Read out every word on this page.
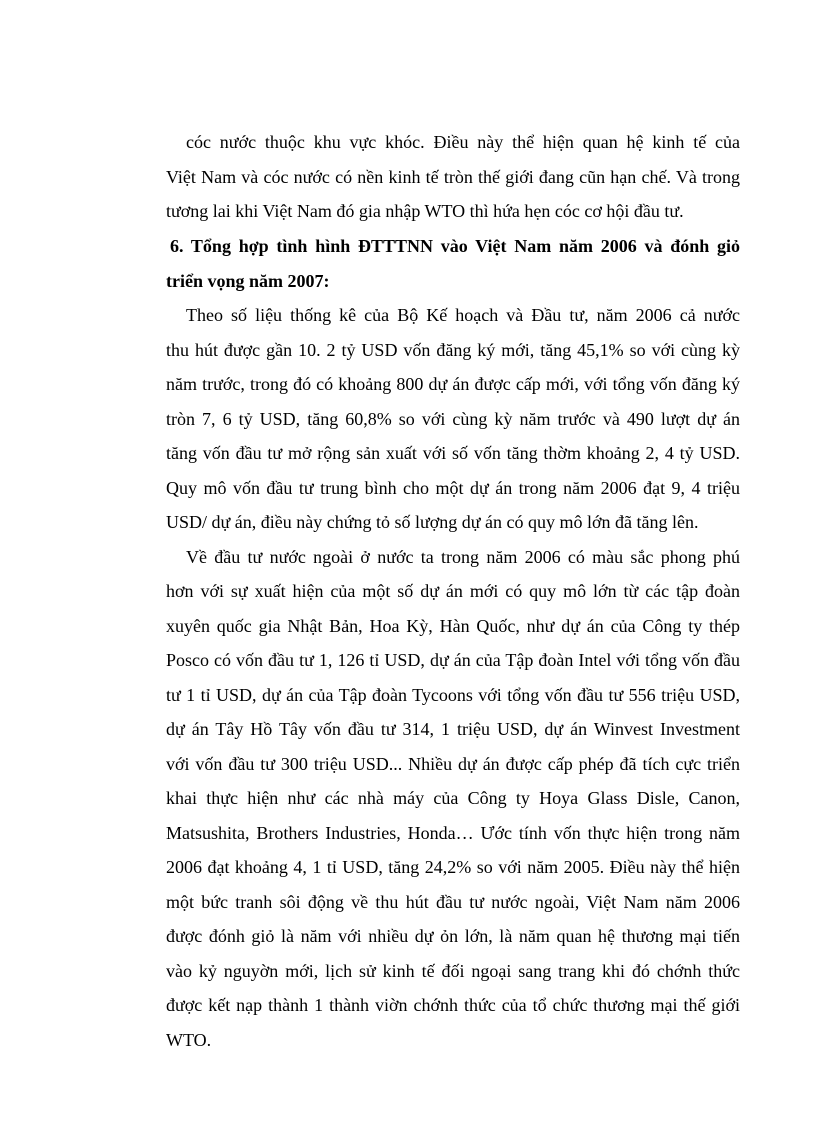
cóc nước thuộc khu vực khóc. Điều này thể hiện quan hệ kinh tế của
Việt Nam và cóc nước có nền kinh tế tròn thế giới đang cũn hạn chế. Và trong
tương lai khi Việt Nam đó gia nhập WTO thì hứa hẹn cóc cơ hội đầu tư.
6. Tổng hợp tình hình ĐTTTNN vào Việt Nam năm 2006 và đónh giỏ
triển vọng năm 2007:
Theo số liệu thống kê của Bộ Kế hoạch và Đầu tư, năm 2006 cả nước
thu hút được gần 10. 2 tỷ USD vốn đăng ký mới, tăng 45,1% so với cùng kỳ
năm trước, trong đó có khoảng 800 dự án được cấp mới, với tổng vốn đăng ký
tròn 7, 6 tỷ USD, tăng 60,8% so với cùng kỳ năm trước và 490 lượt dự án
tăng vốn đầu tư mở rộng sản xuất với số vốn tăng thờm khoảng 2, 4 tỷ USD.
Quy mô vốn đầu tư trung bình cho một dự án trong năm 2006 đạt 9, 4 triệu
USD/ dự án, điều này chứng tỏ số lượng dự án có quy mô lớn đã tăng lên.
Về đầu tư nước ngoài ở nước ta trong năm 2006 có màu sắc phong phú
hơn với sự xuất hiện của một số dự án mới có quy mô lớn từ các tập đoàn
xuyên quốc gia Nhật Bản, Hoa Kỳ, Hàn Quốc, như dự án của Công ty thép
Posco có vốn đầu tư 1, 126 tỉ USD, dự án của Tập đoàn Intel với tổng vốn đầu
tư 1 tỉ USD, dự án của Tập đoàn Tycoons với tổng vốn đầu tư 556 triệu USD,
dự án Tây Hồ Tây vốn đầu tư 314, 1 triệu USD, dự án Winvest Investment
với vốn đầu tư 300 triệu USD... Nhiều dự án được cấp phép đã tích cực triển
khai thực hiện như các nhà máy của Công ty Hoya Glass Disle, Canon,
Matsushita, Brothers Industries, Honda… Ước tính vốn thực hiện trong năm
2006 đạt khoảng 4, 1 tỉ USD, tăng 24,2% so với năm 2005. Điều này thể hiện
một bức tranh sôi động về thu hút đầu tư nước ngoài, Việt Nam năm 2006
được đónh giỏ là năm với nhiều dự ỏn lớn, là năm quan hệ thương mại tiến
vào kỷ nguyờn mới, lịch sử kinh tế đối ngoại sang trang khi đó chớnh thức
được kết nạp thành 1 thành viờn chớnh thức của tổ chức thương mại thế giới
WTO.
